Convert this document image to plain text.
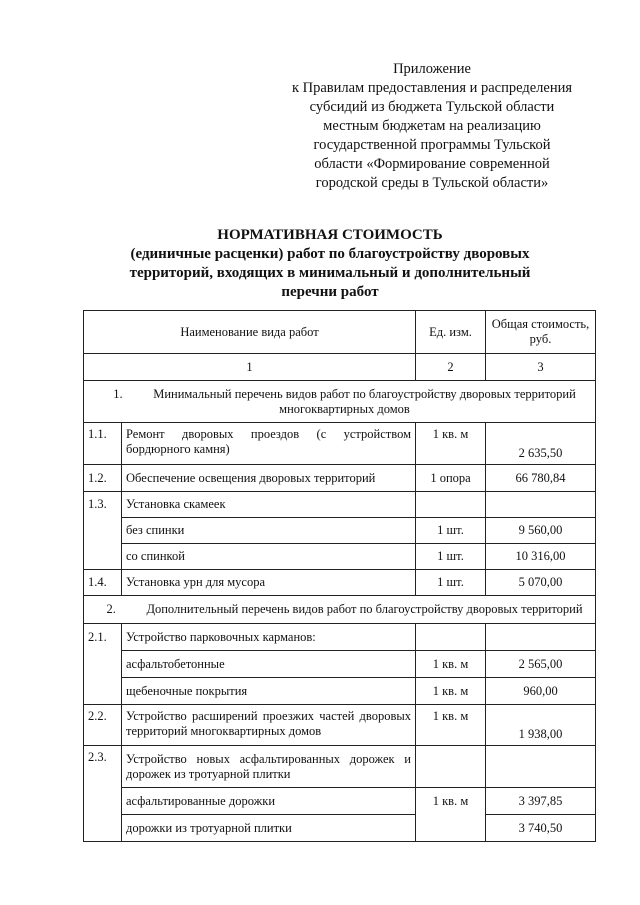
Приложение
к Правилам предоставления и распределения
субсидий из бюджета Тульской области
местным бюджетам на реализацию
государственной программы Тульской
области «Формирование современной
городской среды в Тульской области»
НОРМАТИВНАЯ СТОИМОСТЬ
(единичные расценки) работ по благоустройству дворовых
территорий, входящих в минимальный и дополнительный
перечни работ
Наименование вида работ		Ед. изм.	Общая стоимость, руб.
1		2	3
1. Минимальный перечень видов работ по благоустройству дворовых территорий многоквартирных домов			
1.1.	Ремонт дворовых проездов (с устройством бордюрного камня)	1 кв. м	2 635,50
1.2.	Обеспечение освещения дворовых территорий	1 опора	66 780,84
1.3.	Установка скамеек		
	без спинки	1 шт.	9 560,00
	со спинкой	1 шт.	10 316,00
1.4.	Установка урн для мусора	1 шт.	5 070,00
2. Дополнительный перечень видов работ по благоустройству дворовых территорий			
2.1.	Устройство парковочных карманов:		
	асфальтобетонные	1 кв. м	2 565,00
	щебеночные покрытия	1 кв. м	960,00
2.2.	Устройство расширений проезжих частей дворовых территорий многоквартирных домов	1 кв. м	1 938,00
2.3.	Устройство новых асфальтированных дорожек и дорожек из тротуарной плитки		
	асфальтированные дорожки	1 кв. м	3 397,85
	дорожки из тротуарной плитки		3 740,50
